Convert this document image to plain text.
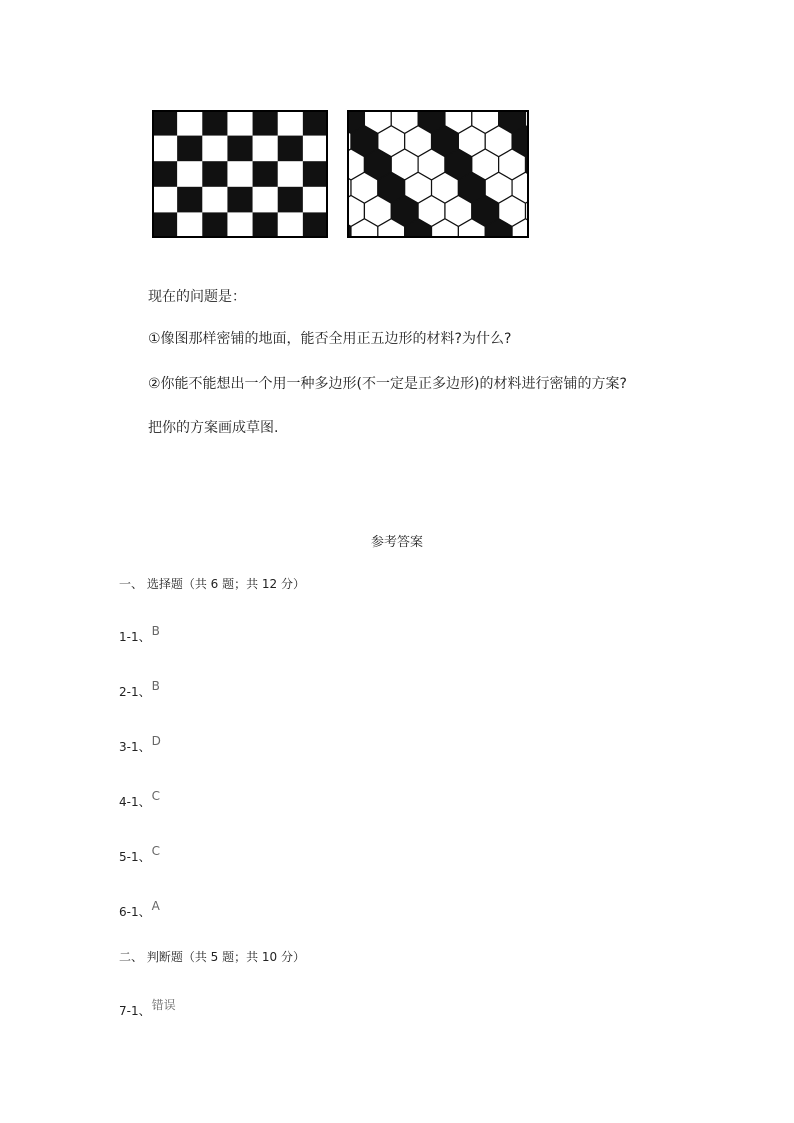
现在的问题是：
①像图那样密铺的地面，能否全用正五边形的材料?为什么?
②你能不能想出一个用一种多边形(不一定是正多边形)的材料进行密铺的方案?
把你的方案画成草图.
参考答案
一、 选择题（共 6 题；共 12 分）
1-1、B
2-1、B
3-1、D
4-1、C
5-1、C
6-1、A
二、 判断题（共 5 题；共 10 分）
7-1、错误
